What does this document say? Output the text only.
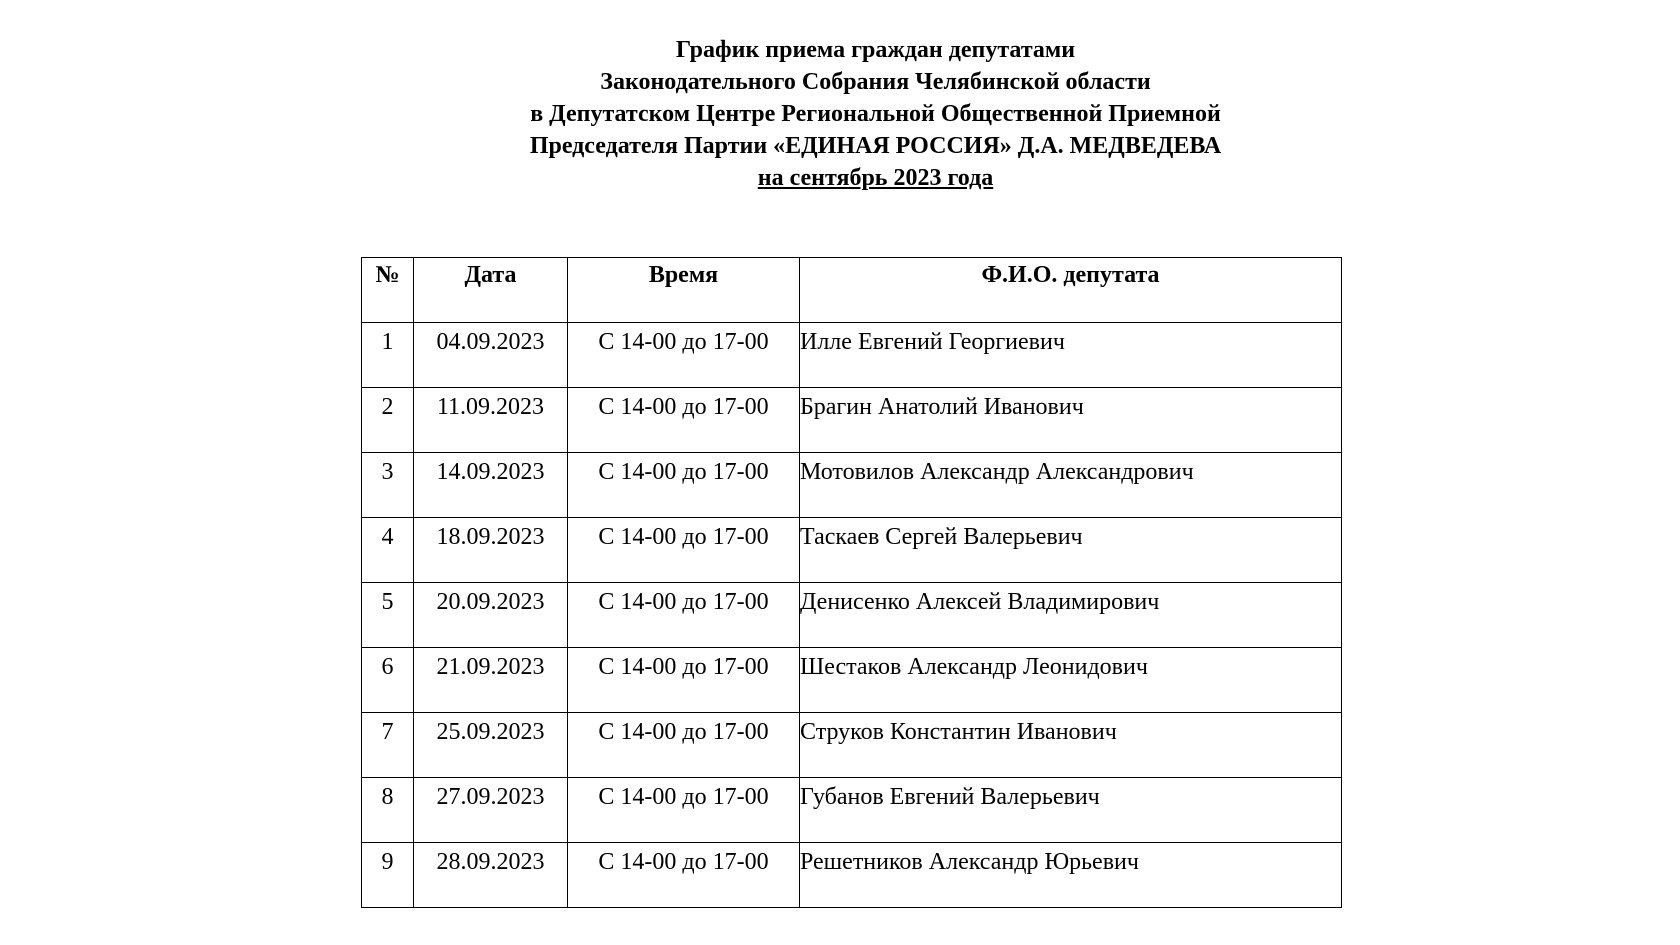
График приема граждан депутатами
Законодательного Собрания Челябинской области
в Депутатском Центре Региональной Общественной Приемной
Председателя Партии «ЕДИНАЯ РОССИЯ» Д.А. МЕДВЕДЕВА
на сентябрь 2023 года
№	Дата	Время	Ф.И.О. депутата
1	04.09.2023	С 14-00 до 17-00	Илле Евгений Георгиевич
2	11.09.2023	С 14-00 до 17-00	Брагин Анатолий Иванович
3	14.09.2023	С 14-00 до 17-00	Мотовилов Александр Александрович
4	18.09.2023	С 14-00 до 17-00	Таскаев Сергей Валерьевич
5	20.09.2023	С 14-00 до 17-00	Денисенко Алексей Владимирович
6	21.09.2023	С 14-00 до 17-00	Шестаков Александр Леонидович
7	25.09.2023	С 14-00 до 17-00	Струков Константин Иванович
8	27.09.2023	С 14-00 до 17-00	Губанов Евгений Валерьевич
9	28.09.2023	С 14-00 до 17-00	Решетников Александр Юрьевич
